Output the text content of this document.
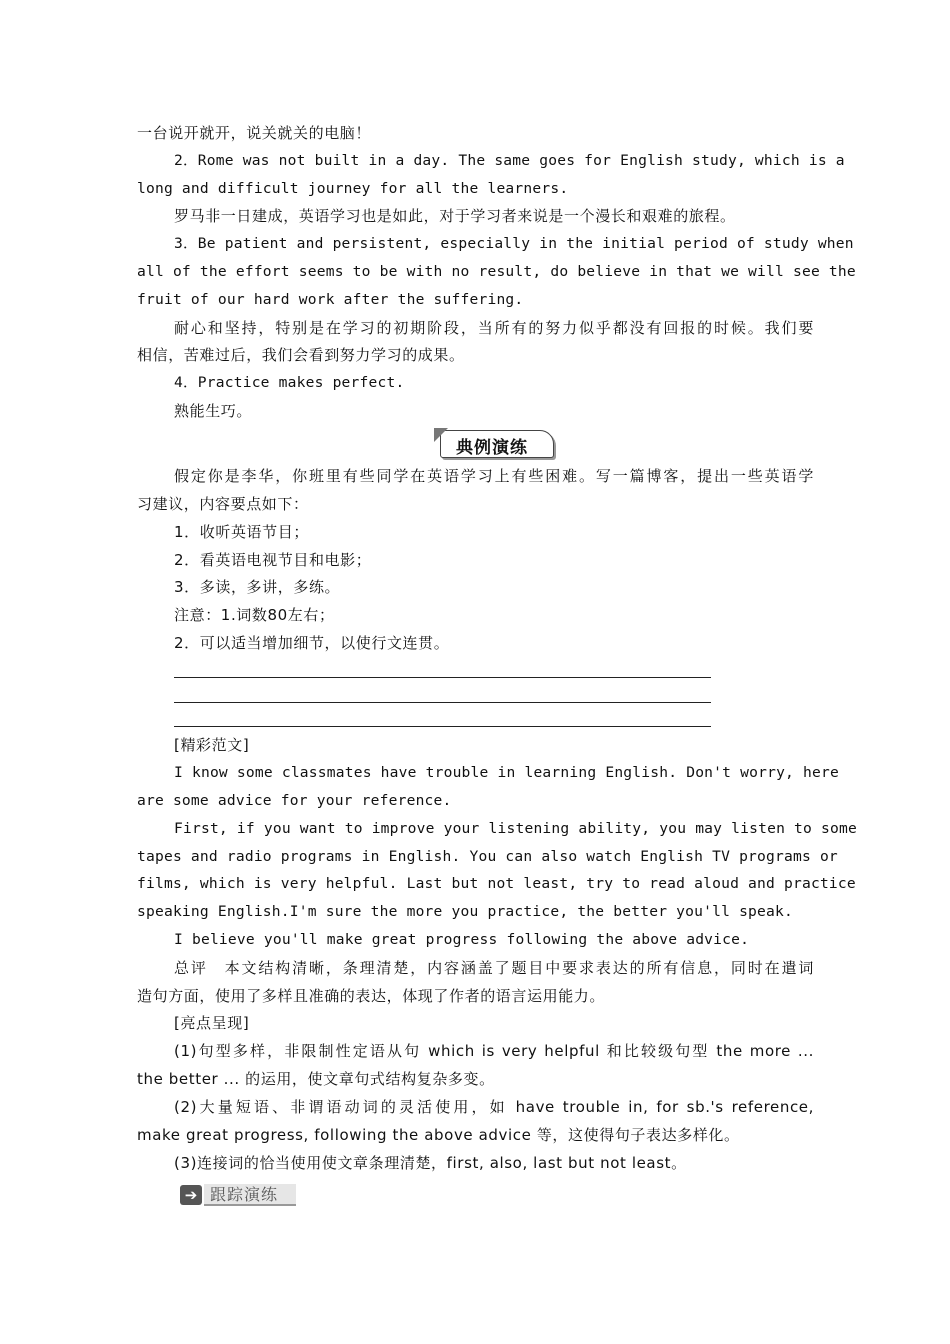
一台说开就开，说关就关的电脑！
2．Rome was not built in a day. The same goes for English study, which is a
long and difficult journey for all the learners.
罗马非一日建成，英语学习也是如此，对于学习者来说是一个漫长和艰难的旅程。
3．Be patient and persistent, especially in the initial period of study when
all of the effort seems to be with no result, do believe in that we will see the
fruit of our hard work after the suffering.
耐心和坚持，特别是在学习的初期阶段，当所有的努力似乎都没有回报的时候。我们要
相信，苦难过后，我们会看到努力学习的成果。
4．Practice makes perfect.
熟能生巧。
典例演练
假定你是李华，你班里有些同学在英语学习上有些困难。写一篇博客，提出一些英语学
习建议，内容要点如下：
1．收听英语节目；
2．看英语电视节目和电影；
3．多读，多讲，多练。
注意：1.词数80左右；
2．可以适当增加细节，以使行文连贯。
[精彩范文]
I know some classmates have trouble in learning English. Don't worry, here
are some advice for your reference.
First, if you want to improve your listening ability, you may listen to some
tapes and radio programs in English. You can also watch English TV programs or
films, which is very helpful. Last but not least, try to read aloud and practice
speaking English.I'm sure the more you practice, the better you'll speak.
I believe you'll make great progress following the above advice.
总评　本文结构清晰，条理清楚，内容涵盖了题目中要求表达的所有信息，同时在遣词
造句方面，使用了多样且准确的表达，体现了作者的语言运用能力。
[亮点呈现]
(1)句型多样，非限制性定语从句 which is very helpful 和比较级句型 the more ...
the better ... 的运用，使文章句式结构复杂多变。
(2)大量短语、非谓语动词的灵活使用，如 have trouble in, for sb.'s reference,
make great progress, following the above advice 等，这使得句子表达多样化。
(3)连接词的恰当使用使文章条理清楚，first, also, last but not least。
➔ 跟踪演练
